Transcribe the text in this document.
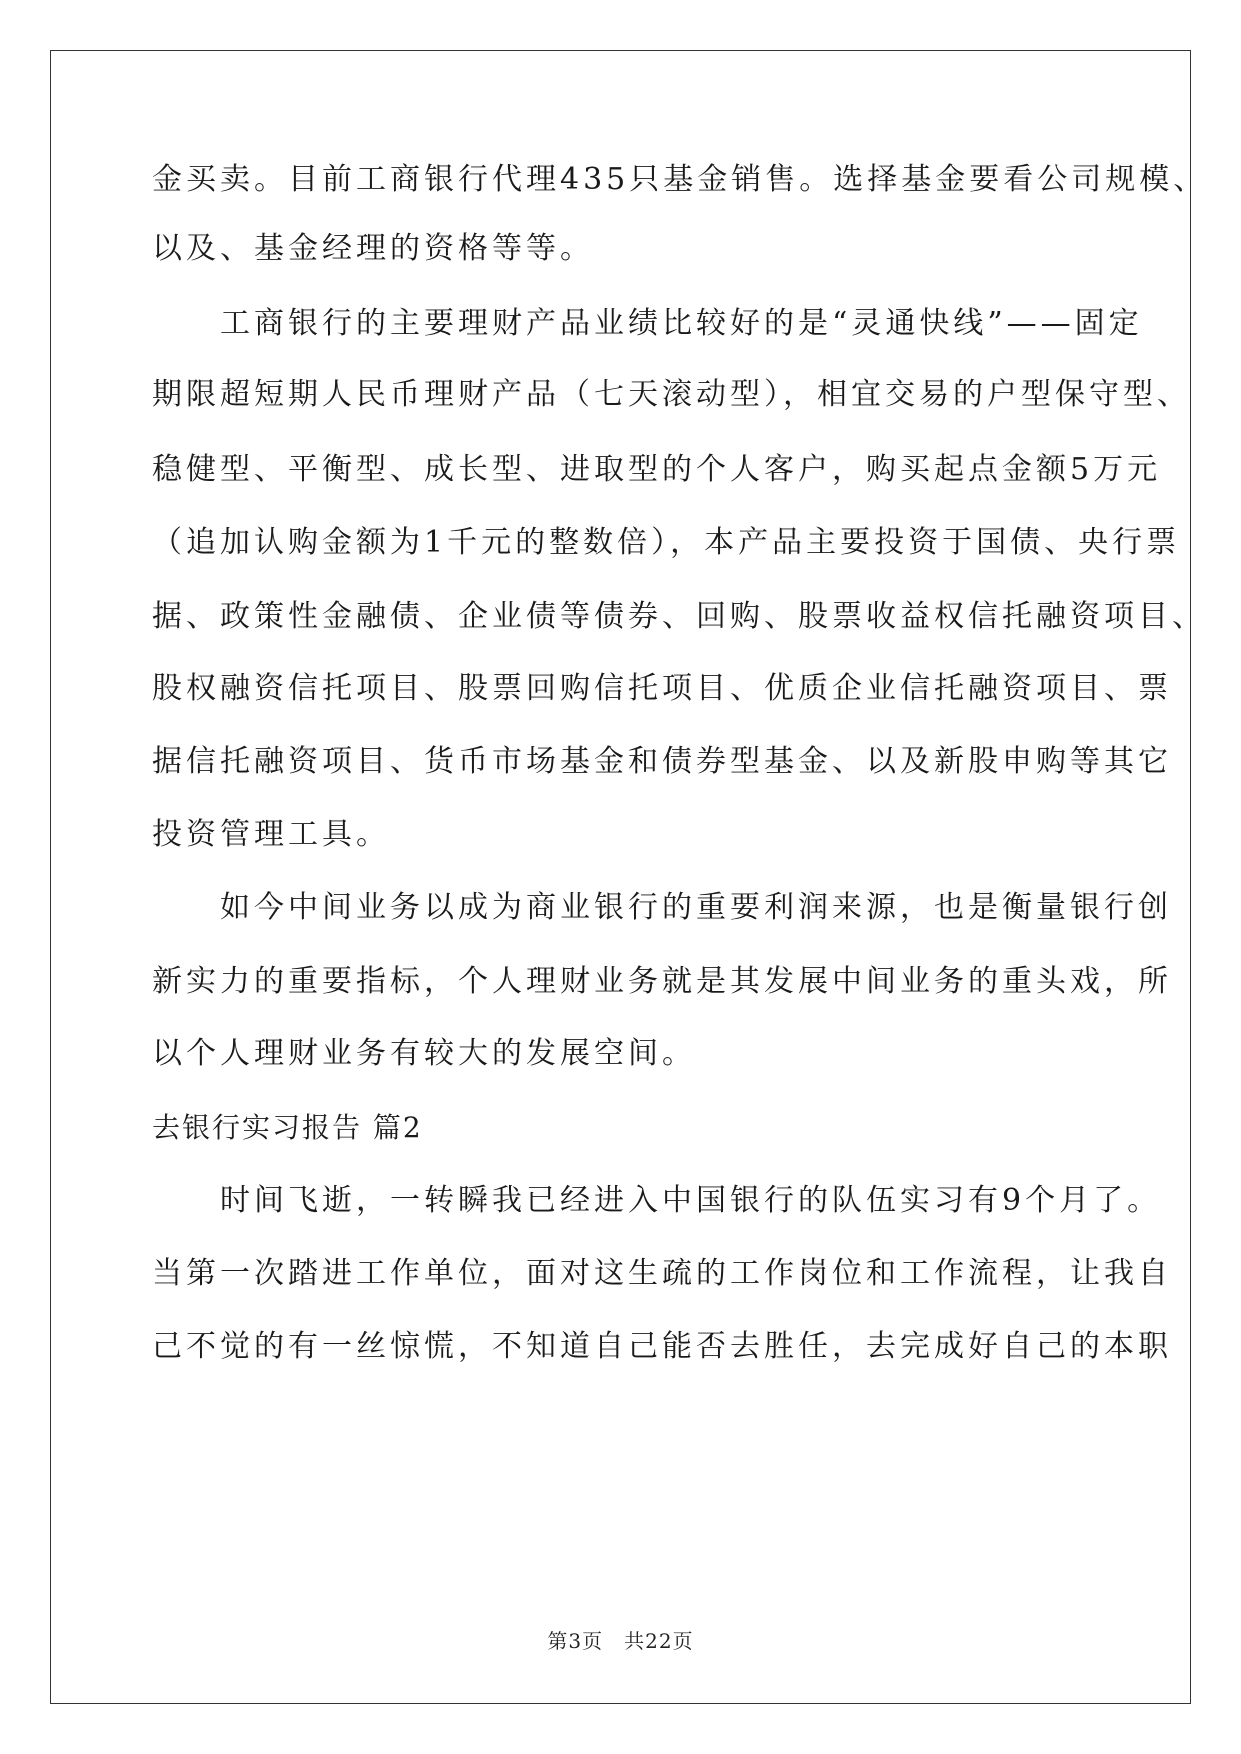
金买卖。目前工商银行代理435只基金销售。选择基金要看公司规模、
以及、基金经理的资格等等。
　　工商银行的主要理财产品业绩比较好的是“灵通快线”——固定
期限超短期人民币理财产品（七天滚动型），相宜交易的户型保守型、
稳健型、平衡型、成长型、进取型的个人客户，购买起点金额5万元
（追加认购金额为1千元的整数倍），本产品主要投资于国债、央行票
据、政策性金融债、企业债等债券、回购、股票收益权信托融资项目、
股权融资信托项目、股票回购信托项目、优质企业信托融资项目、票
据信托融资项目、货币市场基金和债券型基金、以及新股申购等其它
投资管理工具。
　　如今中间业务以成为商业银行的重要利润来源，也是衡量银行创
新实力的重要指标，个人理财业务就是其发展中间业务的重头戏，所
以个人理财业务有较大的发展空间。
去银行实习报告 篇2
　　时间飞逝，一转瞬我已经进入中国银行的队伍实习有9个月了。
当第一次踏进工作单位，面对这生疏的工作岗位和工作流程，让我自
己不觉的有一丝惊慌，不知道自己能否去胜任，去完成好自己的本职
第3页　共22页
